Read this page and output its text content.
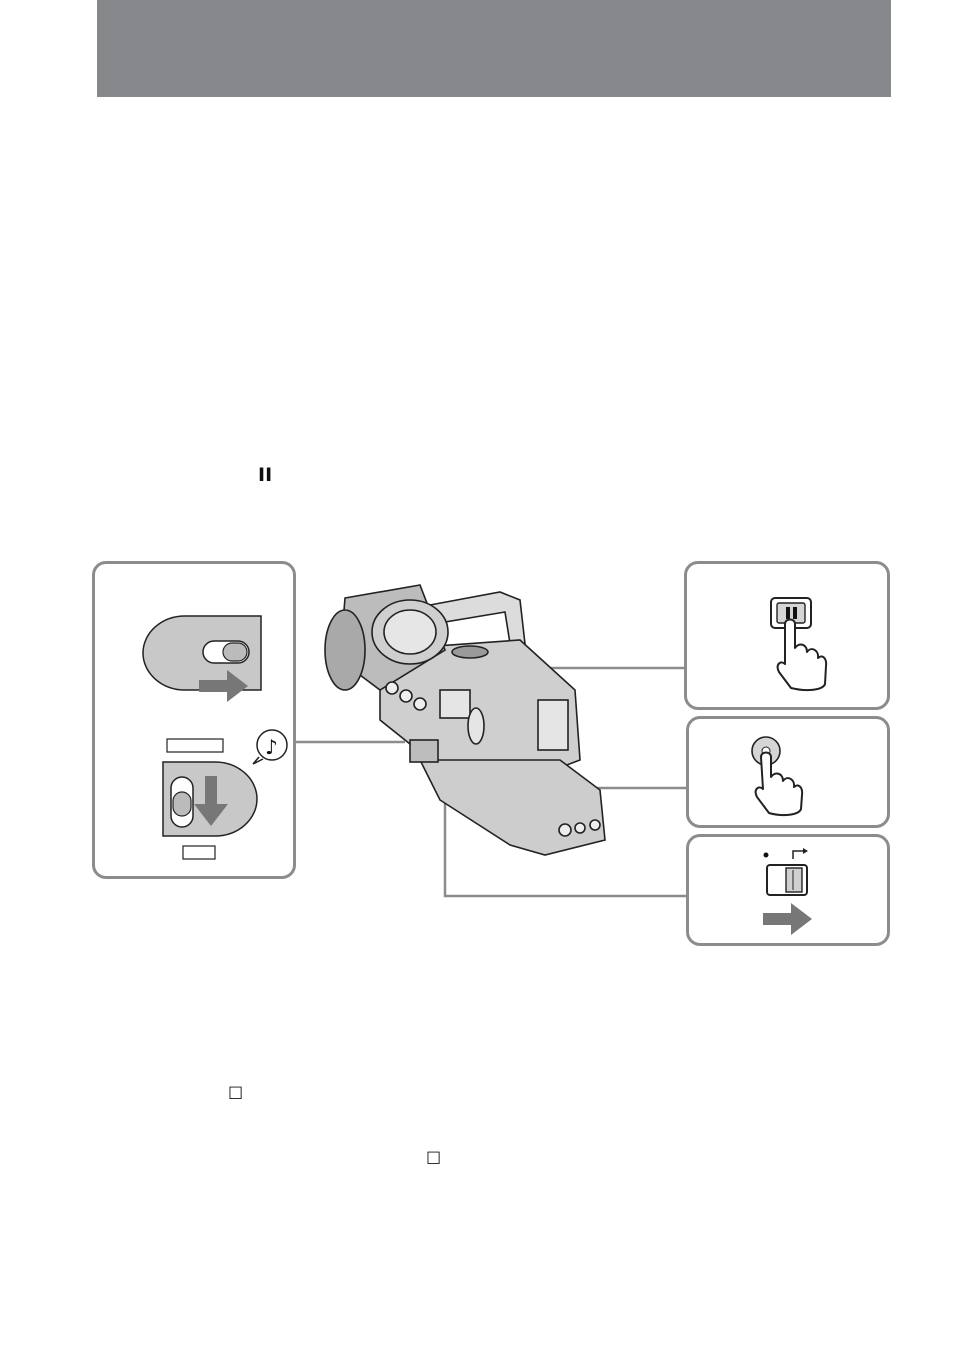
II
☐
☐
♪
